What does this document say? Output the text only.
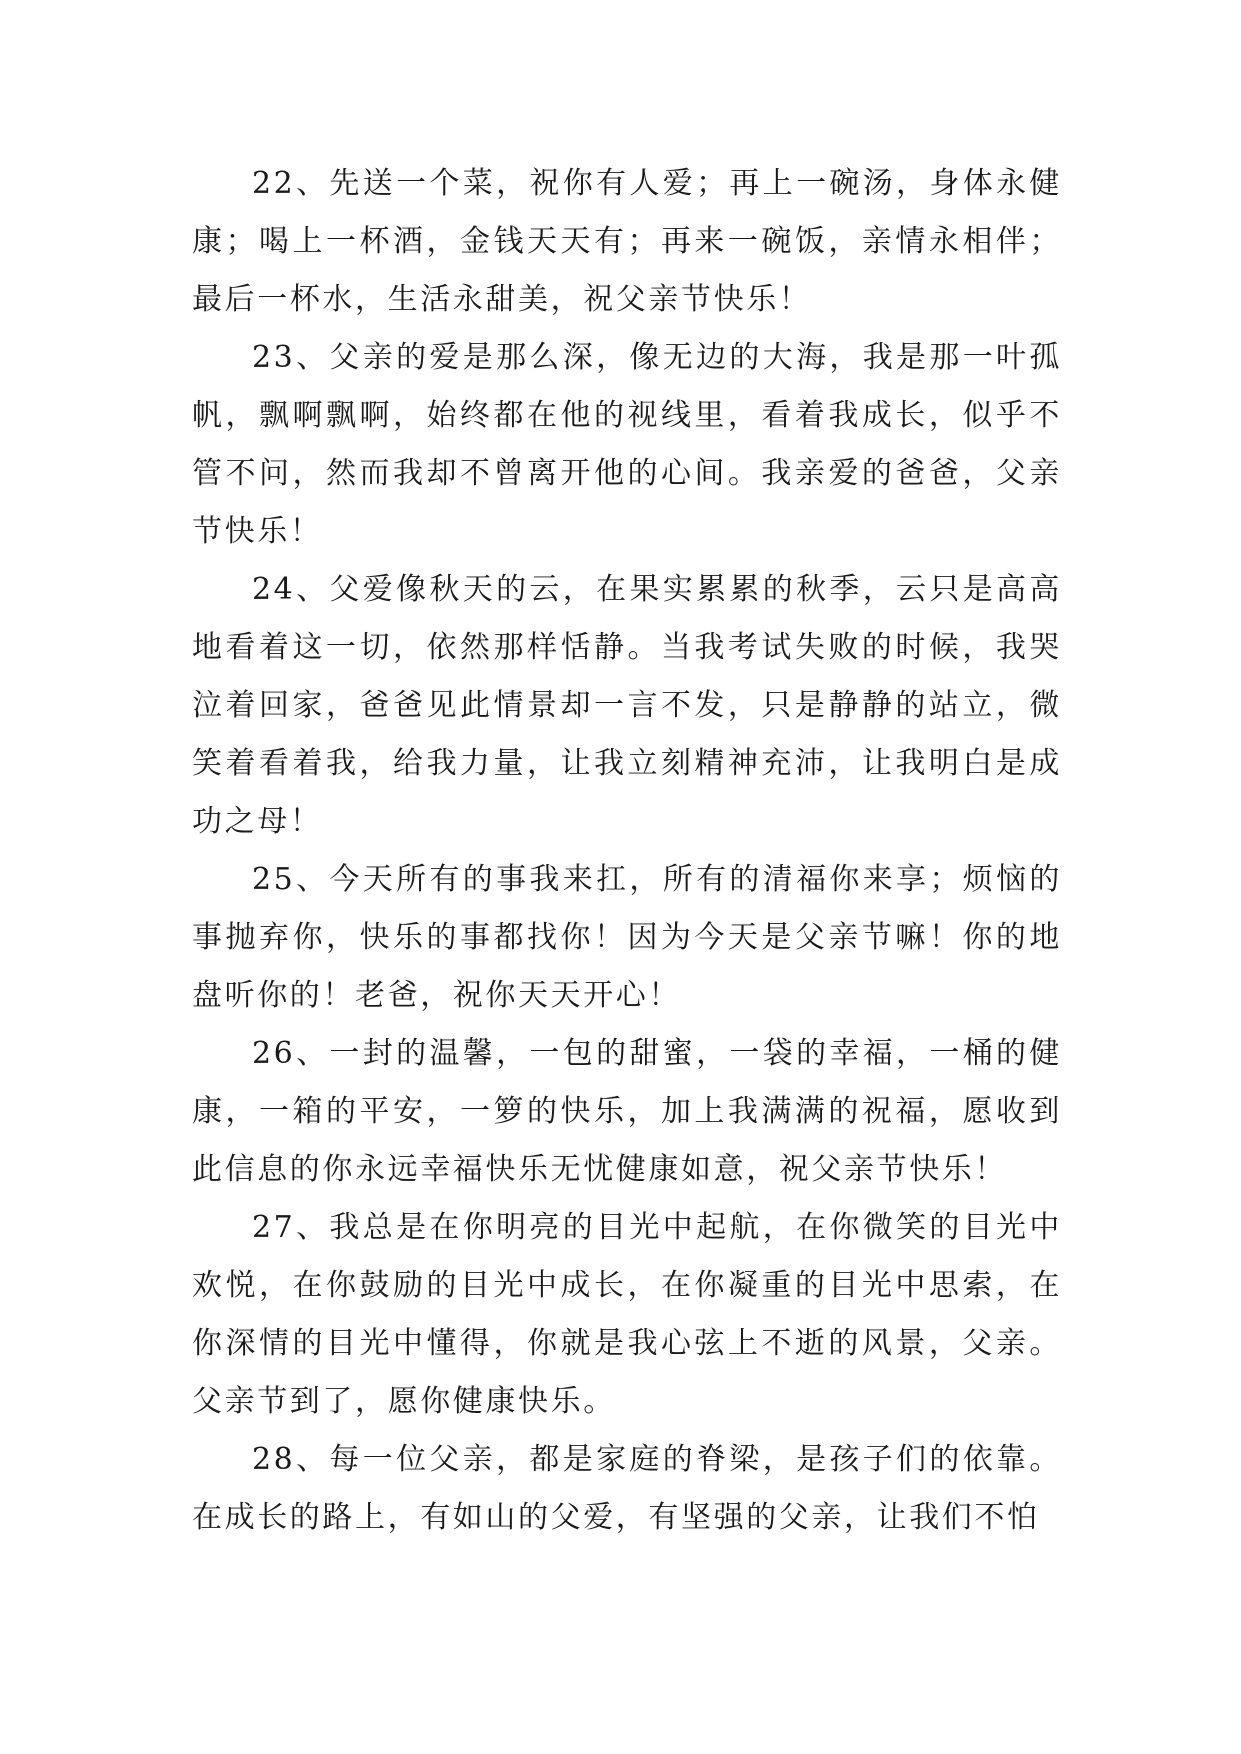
22、先送一个菜，祝你有人爱；再上一碗汤，身体永健康；喝上一杯酒，金钱天天有；再来一碗饭，亲情永相伴；最后一杯水，生活永甜美，祝父亲节快乐！

23、父亲的爱是那么深，像无边的大海，我是那一叶孤帆，飘啊飘啊，始终都在他的视线里，看着我成长，似乎不管不问，然而我却不曾离开他的心间。我亲爱的爸爸，父亲节快乐！

24、父爱像秋天的云，在果实累累的秋季，云只是高高地看着这一切，依然那样恬静。当我考试失败的时候，我哭泣着回家，爸爸见此情景却一言不发，只是静静的站立，微笑着看着我，给我力量，让我立刻精神充沛，让我明白是成功之母！

25、今天所有的事我来扛，所有的清福你来享；烦恼的事抛弃你，快乐的事都找你！因为今天是父亲节嘛！你的地盘听你的！老爸，祝你天天开心！

26、一封的温馨，一包的甜蜜，一袋的幸福，一桶的健康，一箱的平安，一箩的快乐，加上我满满的祝福，愿收到此信息的你永远幸福快乐无忧健康如意，祝父亲节快乐！

27、我总是在你明亮的目光中起航，在你微笑的目光中欢悦，在你鼓励的目光中成长，在你凝重的目光中思索，在你深情的目光中懂得，你就是我心弦上不逝的风景，父亲。父亲节到了，愿你健康快乐。

28、每一位父亲，都是家庭的脊梁，是孩子们的依靠。在成长的路上，有如山的父爱，有坚强的父亲，让我们不怕
